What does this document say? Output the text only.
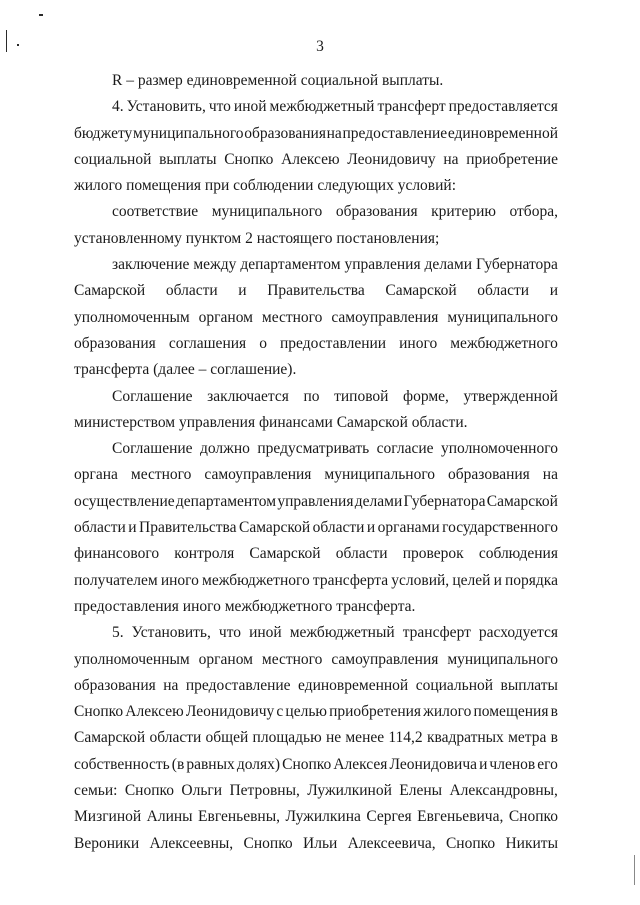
3
R – размер единовременной социальной выплаты.
4. Установить, что иной межбюджетный трансферт предоставляется
бюджету муниципального образования на предоставление единовременной
социальной выплаты Снопко Алексею Леонидовичу на приобретение
жилого помещения при соблюдении следующих условий:
соответствие муниципального образования критерию отбора,
установленному пунктом 2 настоящего постановления;
заключение между департаментом управления делами Губернатора
Самарской области и Правительства Самарской области и
уполномоченным органом местного самоуправления муниципального
образования соглашения о предоставлении иного межбюджетного
трансферта (далее – соглашение).
Соглашение заключается по типовой форме, утвержденной
министерством управления финансами Самарской области.
Соглашение должно предусматривать согласие уполномоченного
органа местного самоуправления муниципального образования на
осуществление департаментом управления делами Губернатора Самарской
области и Правительства Самарской области и органами государственного
финансового контроля Самарской области проверок соблюдения
получателем иного межбюджетного трансферта условий, целей и порядка
предоставления иного межбюджетного трансферта.
5. Установить, что иной межбюджетный трансферт расходуется
уполномоченным органом местного самоуправления муниципального
образования на предоставление единовременной социальной выплаты
Снопко Алексею Леонидовичу с целью приобретения жилого помещения в
Самарской области общей площадью не менее 114,2 квадратных метра в
собственность (в равных долях) Снопко Алексея Леонидовича и членов его
семьи: Снопко Ольги Петровны, Лужилкиной Елены Александровны,
Мизгиной Алины Евгеньевны, Лужилкина Сергея Евгеньевича, Снопко
Вероники Алексеевны, Снопко Ильи Алексеевича, Снопко Никиты
